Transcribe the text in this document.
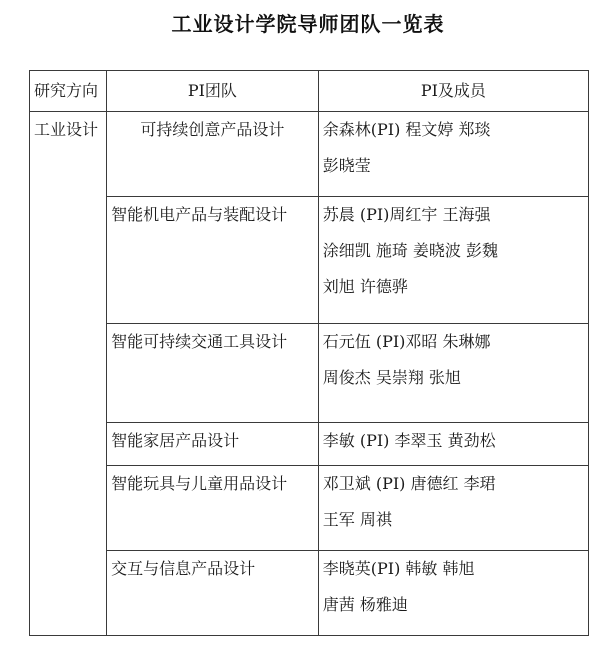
工业设计学院导师团队一览表
研究方向	PI团队	PI及成员
工业设计	可持续创意产品设计	余森林(PI) 程文婷 郑琰
彭晓莹

	智能机电产品与装配设计	苏晨 (PI)周红宇 王海强
涂细凯 施琦 姜晓波 彭魏
刘旭 许德骅

	智能可持续交通工具设计	石元伍 (PI)邓昭 朱琳娜
周俊杰 吴崇翔 张旭

	智能家居产品设计	李敏 (PI) 李翠玉 黄劲松

	智能玩具与儿童用品设计	邓卫斌 (PI) 唐德红 李珺
王军 周祺

	交互与信息产品设计	李晓英(PI) 韩敏 韩旭
唐茜 杨雅迪
